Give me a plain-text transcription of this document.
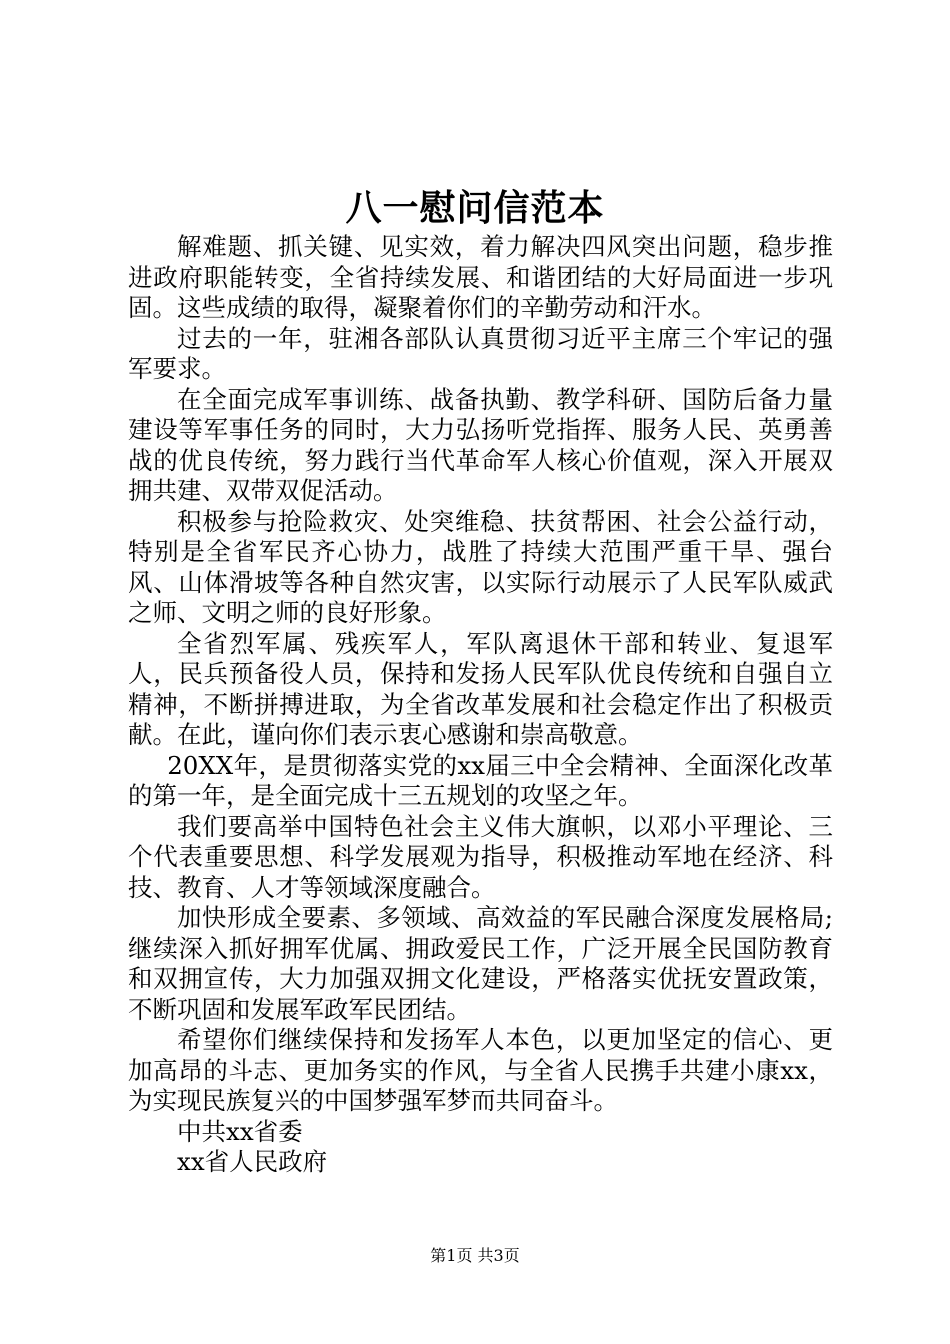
八一慰问信范本

解难题、抓关键、见实效，着力解决四风突出问题，稳步推进政府职能转变，全省持续发展、和谐团结的大好局面进一步巩固。这些成绩的取得，凝聚着你们的辛勤劳动和汗水。

过去的一年，驻湘各部队认真贯彻习近平主席三个牢记的强军要求。

在全面完成军事训练、战备执勤、教学科研、国防后备力量建设等军事任务的同时，大力弘扬听党指挥、服务人民、英勇善战的优良传统，努力践行当代革命军人核心价值观，深入开展双拥共建、双带双促活动。

积极参与抢险救灾、处突维稳、扶贫帮困、社会公益行动，特别是全省军民齐心协力，战胜了持续大范围严重干旱、强台风、山体滑坡等各种自然灾害，以实际行动展示了人民军队威武之师、文明之师的良好形象。

全省烈军属、残疾军人，军队离退休干部和转业、复退军人，民兵预备役人员，保持和发扬人民军队优良传统和自强自立精神，不断拼搏进取，为全省改革发展和社会稳定作出了积极贡献。在此，谨向你们表示衷心感谢和崇高敬意。

20XX年，是贯彻落实党的xx届三中全会精神、全面深化改革的第一年，是全面完成十三五规划的攻坚之年。

我们要高举中国特色社会主义伟大旗帜，以邓小平理论、三个代表重要思想、科学发展观为指导，积极推动军地在经济、科技、教育、人才等领域深度融合。

加快形成全要素、多领域、高效益的军民融合深度发展格局;继续深入抓好拥军优属、拥政爱民工作，广泛开展全民国防教育和双拥宣传，大力加强双拥文化建设，严格落实优抚安置政策，不断巩固和发展军政军民团结。

希望你们继续保持和发扬军人本色，以更加坚定的信心、更加高昂的斗志、更加务实的作风，与全省人民携手共建小康xx，为实现民族复兴的中国梦强军梦而共同奋斗。

中共xx省委

xx省人民政府

第1页 共3页
